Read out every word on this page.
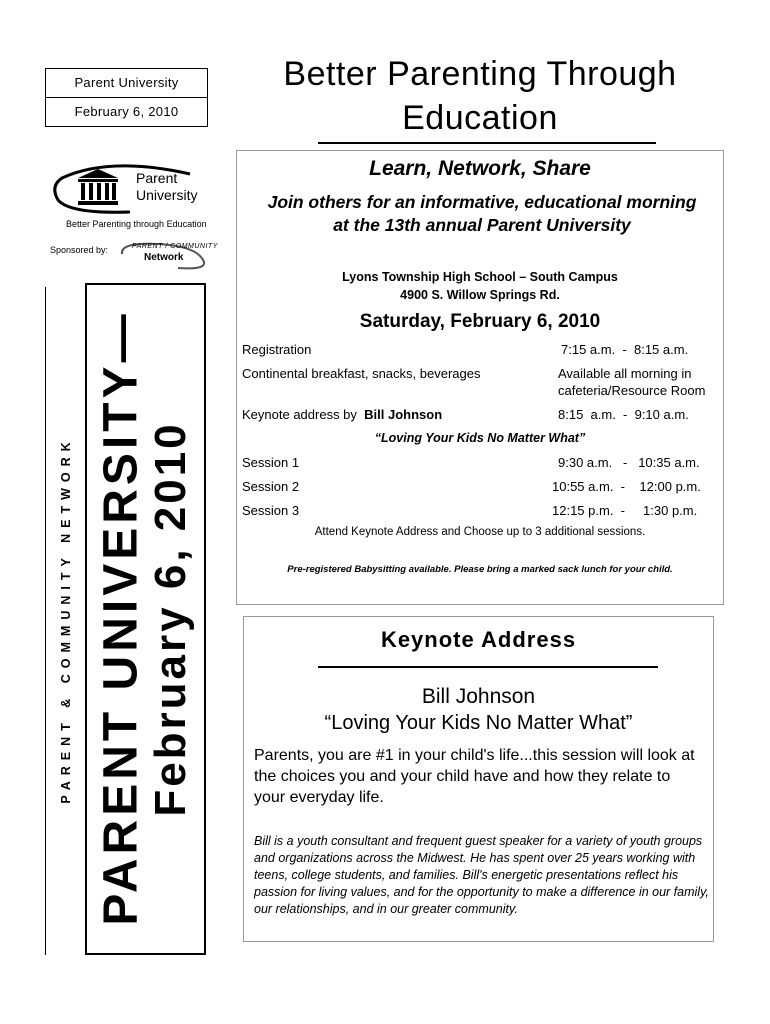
Parent University
February 6, 2010
Better Parenting Through Education
Parent
University
Better Parenting through Education
Sponsored by:	PARENT / COMMUNITY
Network
PARENT & COMMUNITY NETWORK PARENT UNIVERSITY—
February 6, 2010
Learn, Network, Share
Join others for an informative, educational morning at the 13th annual Parent University
Lyons Township High School – South Campus
4900 S. Willow Springs Rd.
Saturday, February 6, 2010
Registration	7:15 a.m.  -  8:15 a.m.
Continental breakfast, snacks, beverages	Available all morning in
cafeteria/Resource Room
Keynote address by Bill Johnson	8:15  a.m.  -  9:10 a.m.
“Loving Your Kids No Matter What”
Session 1	9:30 a.m.   -   10:35 a.m.
Session 2	10:55 a.m.  -    12:00 p.m.
Session 3	12:15 p.m.  -     1:30 p.m.
Attend Keynote Address and Choose up to 3 additional sessions.
Pre-registered Babysitting available. Please bring a marked sack lunch for your child.
Keynote Address
Bill Johnson
“Loving Your Kids No Matter What”
Parents, you are #1 in your child's life...this session will look at the choices you and your child have and how they relate to your everyday life.
Bill is a youth consultant and frequent guest speaker for a variety of youth groups and organizations across the Midwest. He has spent over 25 years working with teens, college students, and families. Bill's energetic presentations reflect his passion for living values, and for the opportunity to make a difference in our family, our relationships, and in our greater community.
